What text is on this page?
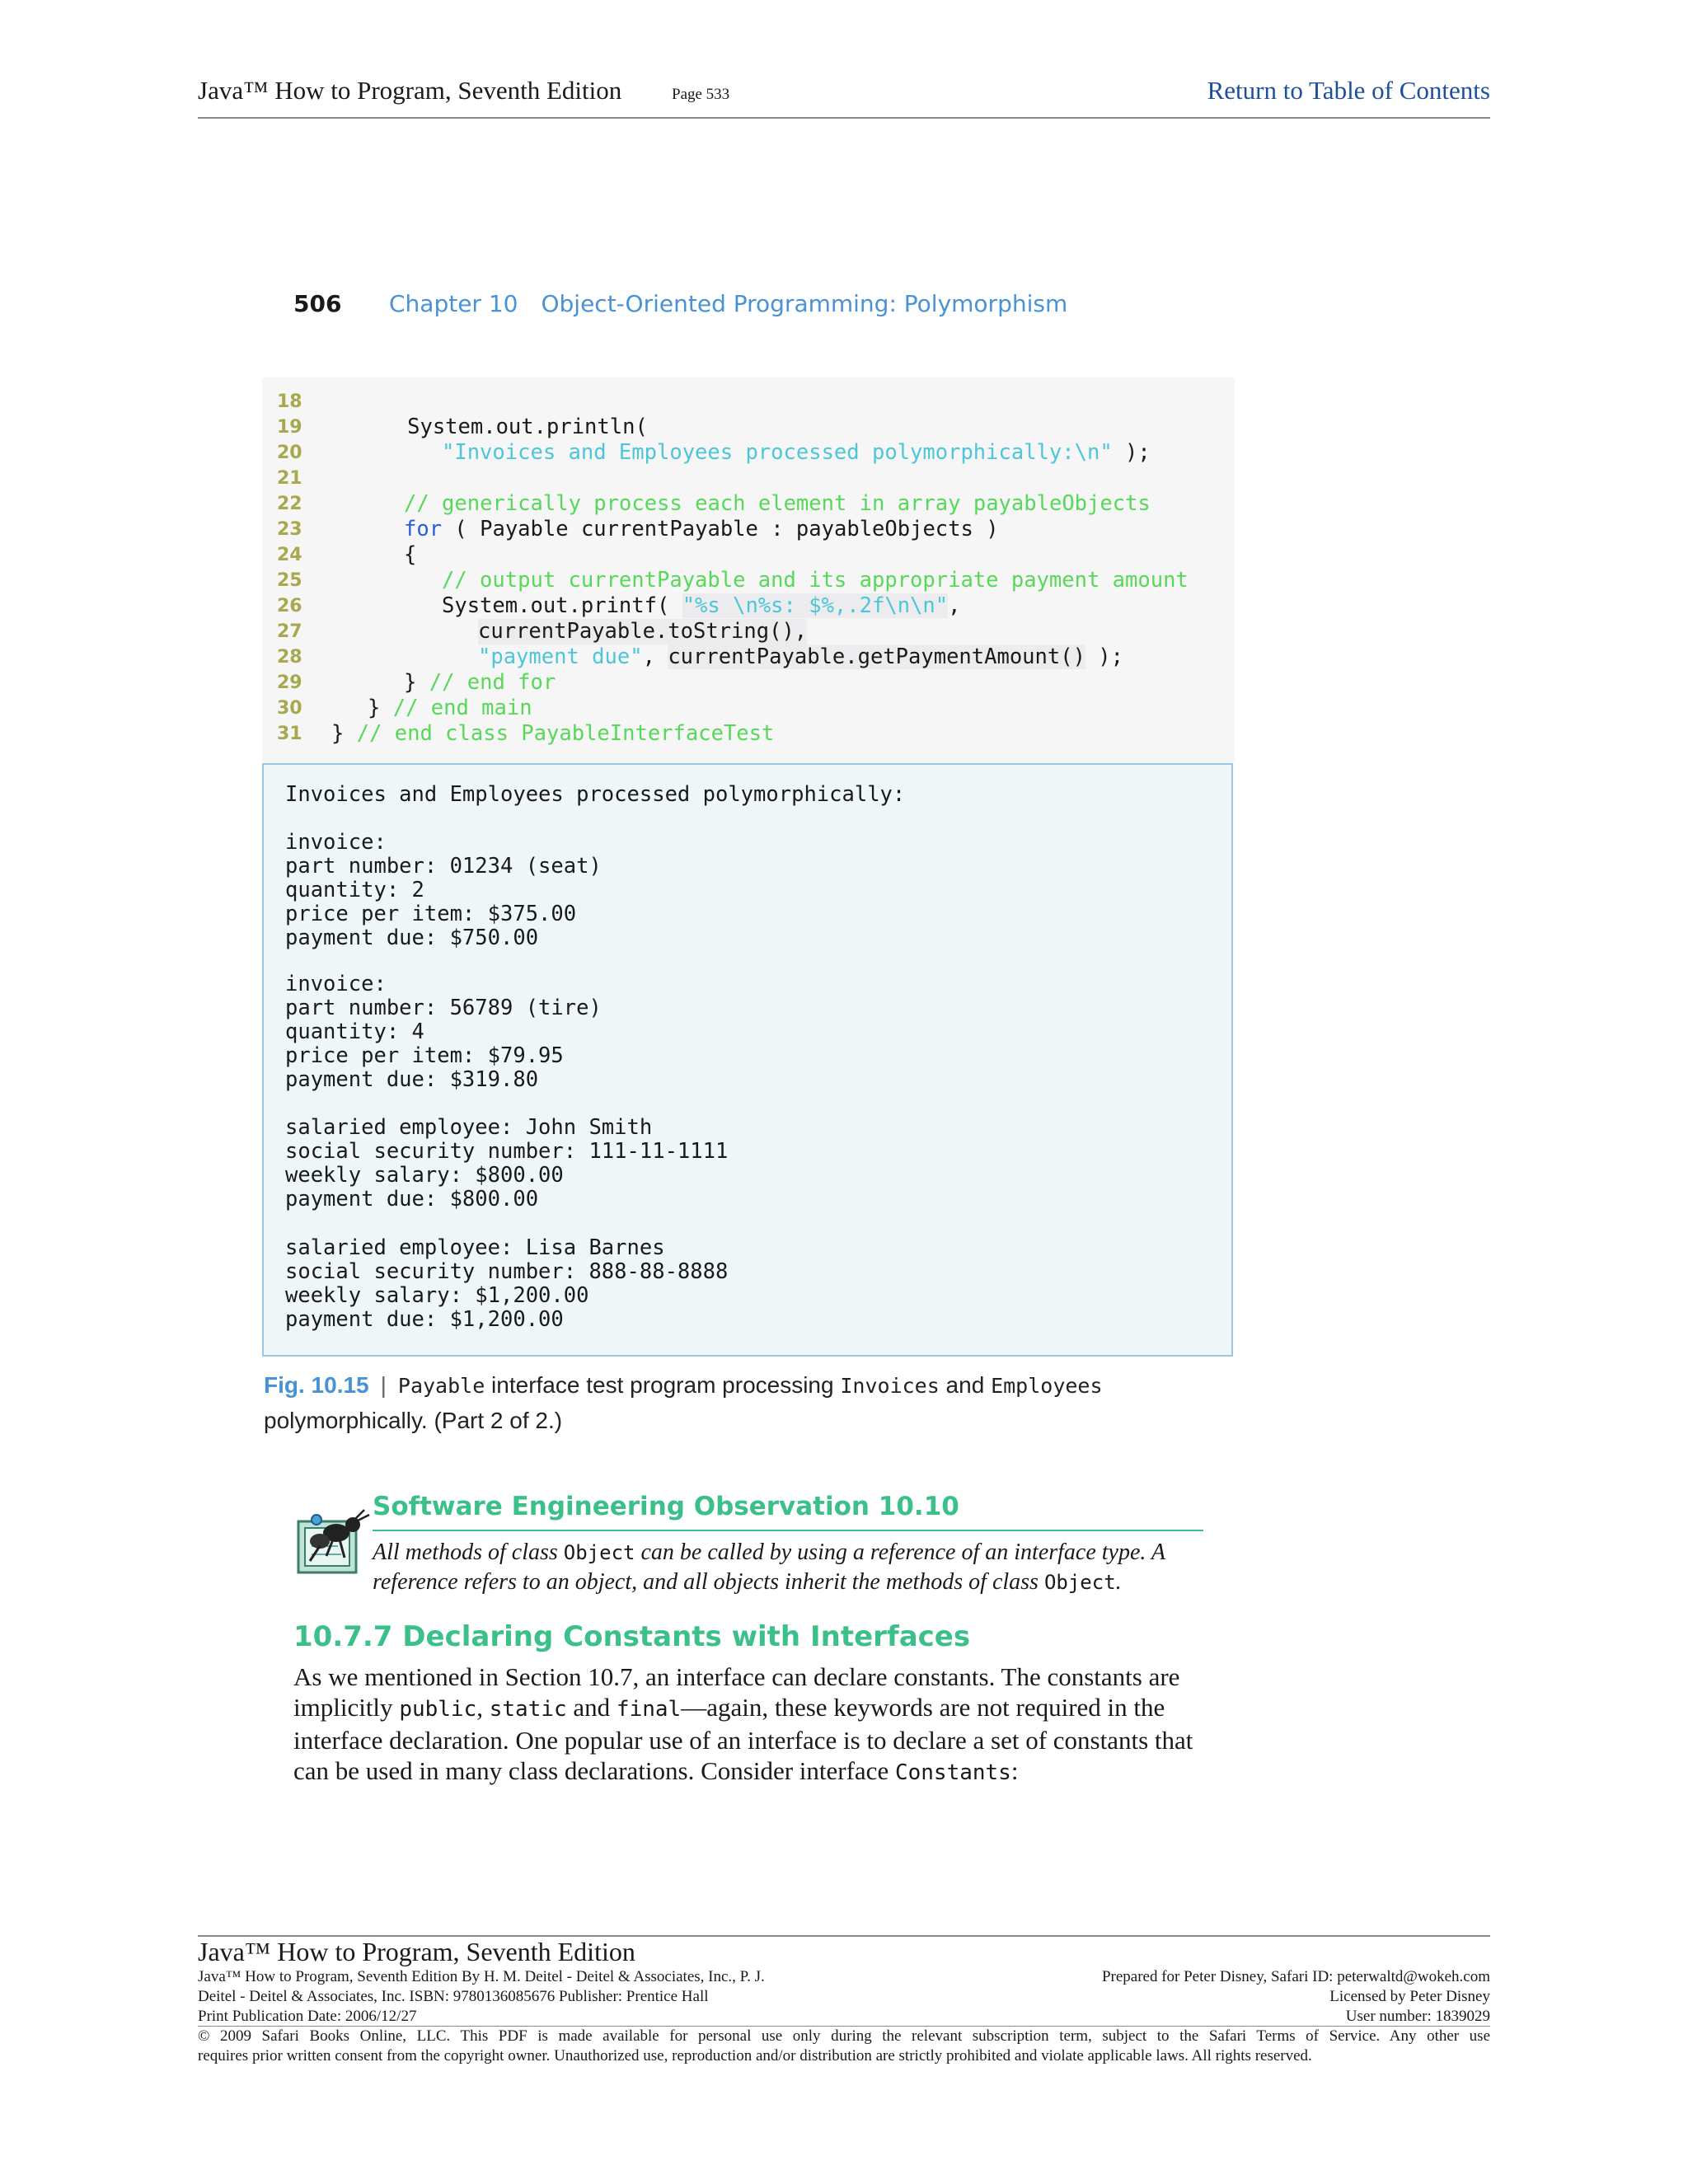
Java™ How to Program, Seventh Edition	Page 533	Return to Table of Contents
506 Chapter 10 Object-Oriented Programming: Polymorphism
18
19	System.out.println(
20	"Invoices and Employees processed polymorphically:\n" );
21
22	// generically process each element in array payableObjects
23	for ( Payable currentPayable : payableObjects )
24	{
25	// output currentPayable and its appropriate payment amount
26	System.out.printf( "%s \n%s: $%,.2f\n\n",
27	currentPayable.toString(),
28	"payment due", currentPayable.getPaymentAmount() );
29	} // end for
30	} // end main
31	} // end class PayableInterfaceTest
Invoices and Employees processed polymorphically:
invoice:
part number: 01234 (seat)
quantity: 2
price per item: $375.00
payment due: $750.00
invoice:
part number: 56789 (tire)
quantity: 4
price per item: $79.95
payment due: $319.80
salaried employee: John Smith
social security number: 111-11-1111
weekly salary: $800.00
payment due: $800.00
salaried employee: Lisa Barnes
social security number: 888-88-8888
weekly salary: $1,200.00
payment due: $1,200.00
Fig. 10.15 | Payable interface test program processing Invoices and Employees
polymorphically. (Part 2 of 2.)
Software Engineering Observation 10.10
All methods of class Object can be called by using a reference of an interface type. A reference refers to an object, and all objects inherit the methods of class Object.
10.7.7 Declaring Constants with Interfaces
As we mentioned in Section 10.7, an interface can declare constants. The constants are implicitly public, static and final—again, these keywords are not required in the interface declaration. One popular use of an interface is to declare a set of constants that can be used in many class declarations. Consider interface Constants:
Java™ How to Program, Seventh Edition
Java™ How to Program, Seventh Edition By H. M. Deitel - Deitel & Associates, Inc., P. J.
Deitel - Deitel & Associates, Inc. ISBN: 9780136085676 Publisher: Prentice Hall
Print Publication Date: 2006/12/27
Prepared for Peter Disney, Safari ID: peterwaltd@wokeh.com
Licensed by Peter Disney
User number: 1839029
© 2009 Safari Books Online, LLC. This PDF is made available for personal use only during the relevant subscription term, subject to the Safari Terms of Service. Any other use
requires prior written consent from the copyright owner. Unauthorized use, reproduction and/or distribution are strictly prohibited and violate applicable laws. All rights reserved.
